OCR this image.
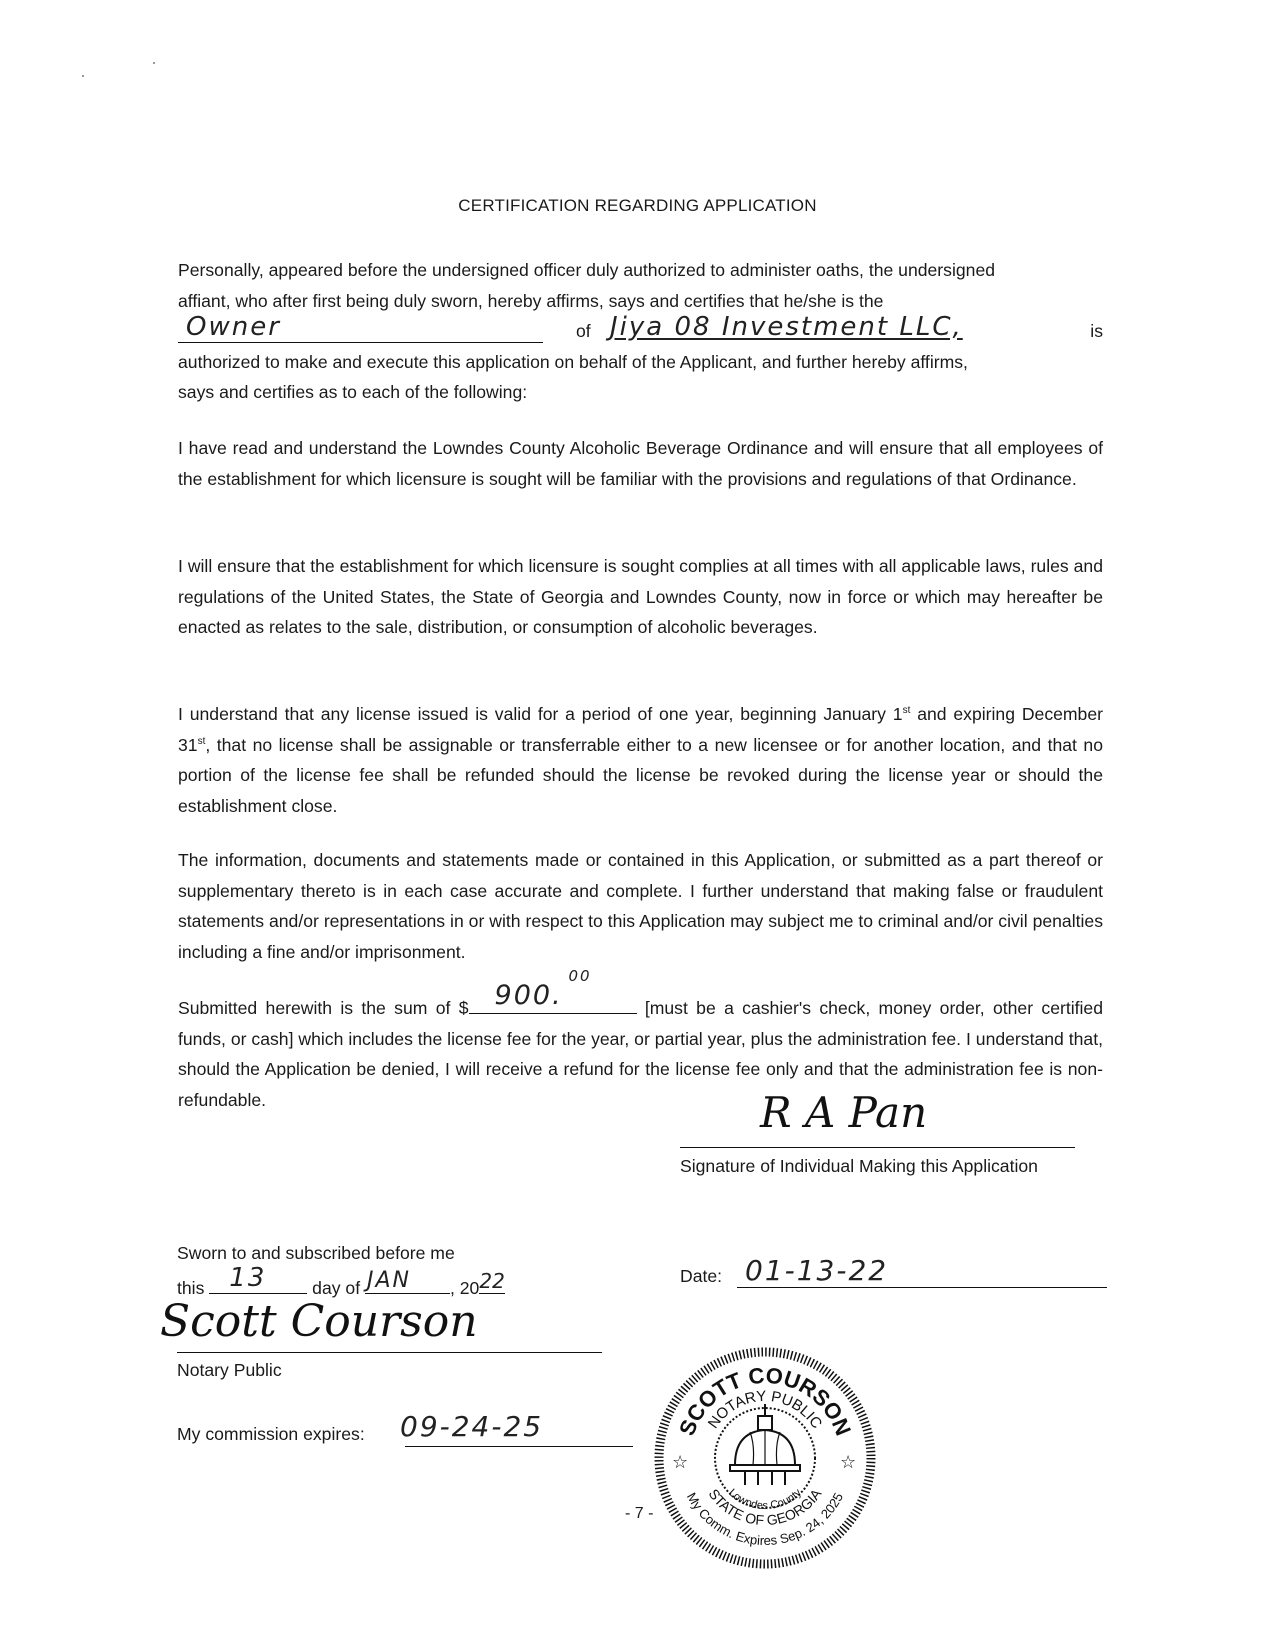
CERTIFICATION REGARDING APPLICATION
Personally, appeared before the undersigned officer duly authorized to administer oaths, the undersigned
affiant, who after first being duly sworn, hereby affirms, says and certifies that he/she is the
Owner	of Jiya 08 Investment LLC,	is
authorized to make and execute this application on behalf of the Applicant, and further hereby affirms,
says and certifies as to each of the following:
I have read and understand the Lowndes County Alcoholic Beverage Ordinance and will ensure that all employees of the establishment for which licensure is sought will be familiar with the provisions and regulations of that Ordinance.
I will ensure that the establishment for which licensure is sought complies at all times with all applicable laws, rules and regulations of the United States, the State of Georgia and Lowndes County, now in force or which may hereafter be enacted as relates to the sale, distribution, or consumption of alcoholic beverages.
I understand that any license issued is valid for a period of one year, beginning January 1st and expiring December 31st, that no license shall be assignable or transferrable either to a new licensee or for another location, and that no portion of the license fee shall be refunded should the license be revoked during the license year or should the establishment close.
The information, documents and statements made or contained in this Application, or submitted as a part thereof or supplementary thereto is in each case accurate and complete. I further understand that making false or fraudulent statements and/or representations in or with respect to this Application may subject me to criminal and/or civil penalties including a fine and/or imprisonment.
Submitted herewith is the sum of $ 900.
00
[must be a cashier's check, money order, other certified funds, or cash] which includes the license fee for the year, or partial year, plus the administration fee. I understand that, should the Application be denied, I will receive a refund for the license fee only and that the administration fee is non-refundable.	R A Pan
Signature of Individual Making this Application
Date: 01-13-22
Sworn to and subscribed before me
this 13	day of JAN , 20 22
Scott Courson
Notary Public
My commission expires: 09-24-25	SCOTT COURSON
NOTARY PUBLIC
My Comm. Expires Sep. 24, 2025
STATE OF GEORGIA
Lowndes County
☆	☆
- 7 -
